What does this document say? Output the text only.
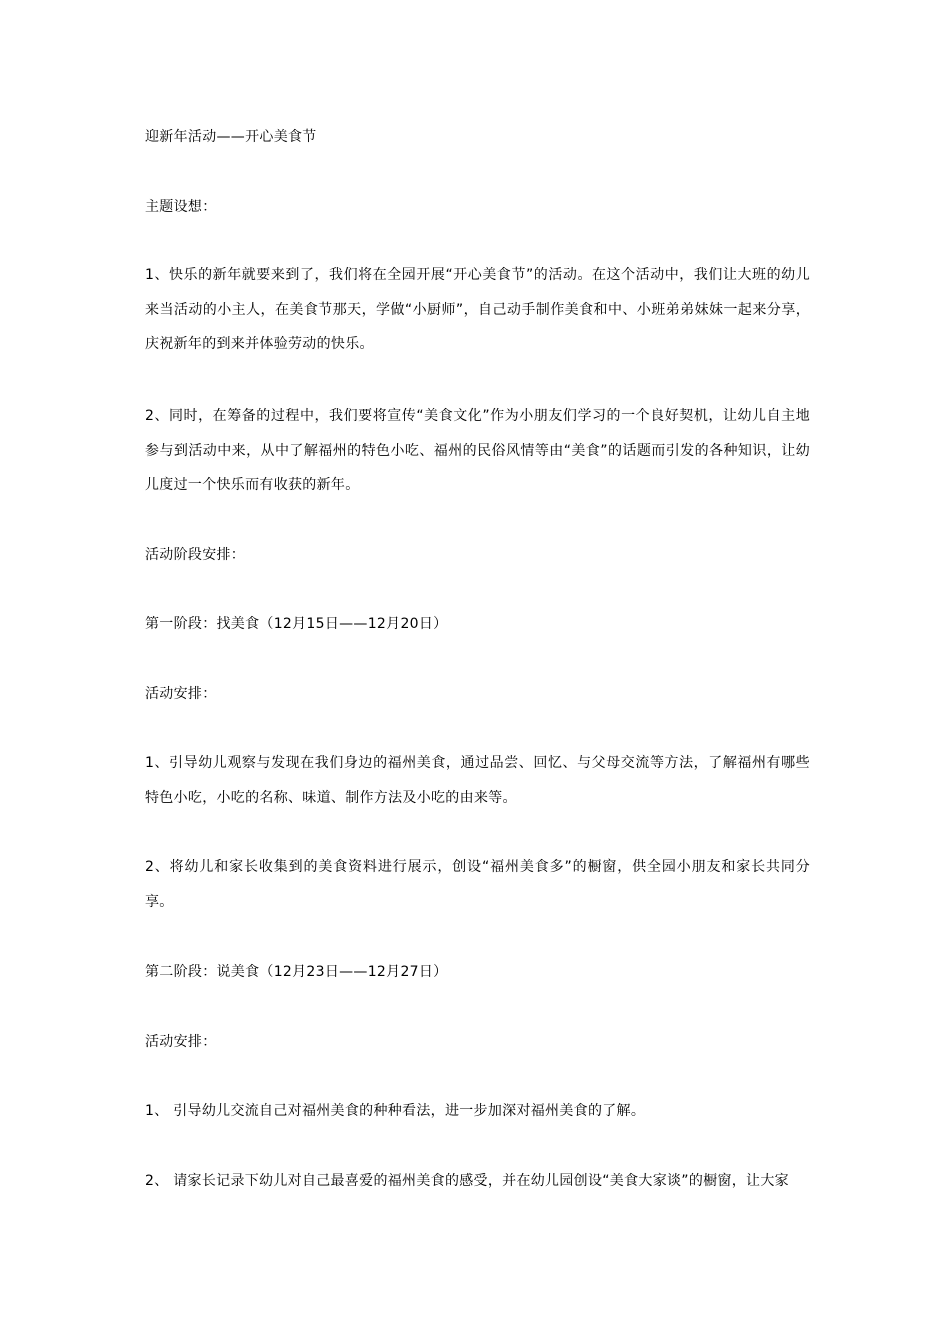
迎新年活动——开心美食节

主题设想：

1、快乐的新年就要来到了，我们将在全园开展“开心美食节”的活动。在这个活动中，我们让大班的幼儿来当活动的小主人，在美食节那天，学做“小厨师”，自己动手制作美食和中、小班弟弟妹妹一起来分享，庆祝新年的到来并体验劳动的快乐。

2、同时，在筹备的过程中，我们要将宣传“美食文化”作为小朋友们学习的一个良好契机，让幼儿自主地参与到活动中来，从中了解福州的特色小吃、福州的民俗风情等由“美食”的话题而引发的各种知识，让幼儿度过一个快乐而有收获的新年。

活动阶段安排：

第一阶段：找美食（12月15日——12月20日）

活动安排：

1、引导幼儿观察与发现在我们身边的福州美食，通过品尝、回忆、与父母交流等方法，了解福州有哪些特色小吃，小吃的名称、味道、制作方法及小吃的由来等。

2、将幼儿和家长收集到的美食资料进行展示，创设“福州美食多”的橱窗，供全园小朋友和家长共同分享。

第二阶段：说美食（12月23日——12月27日）

活动安排：

1、 引导幼儿交流自己对福州美食的种种看法，进一步加深对福州美食的了解。

2、 请家长记录下幼儿对自己最喜爱的福州美食的感受，并在幼儿园创设“美食大家谈”的橱窗，让大家
